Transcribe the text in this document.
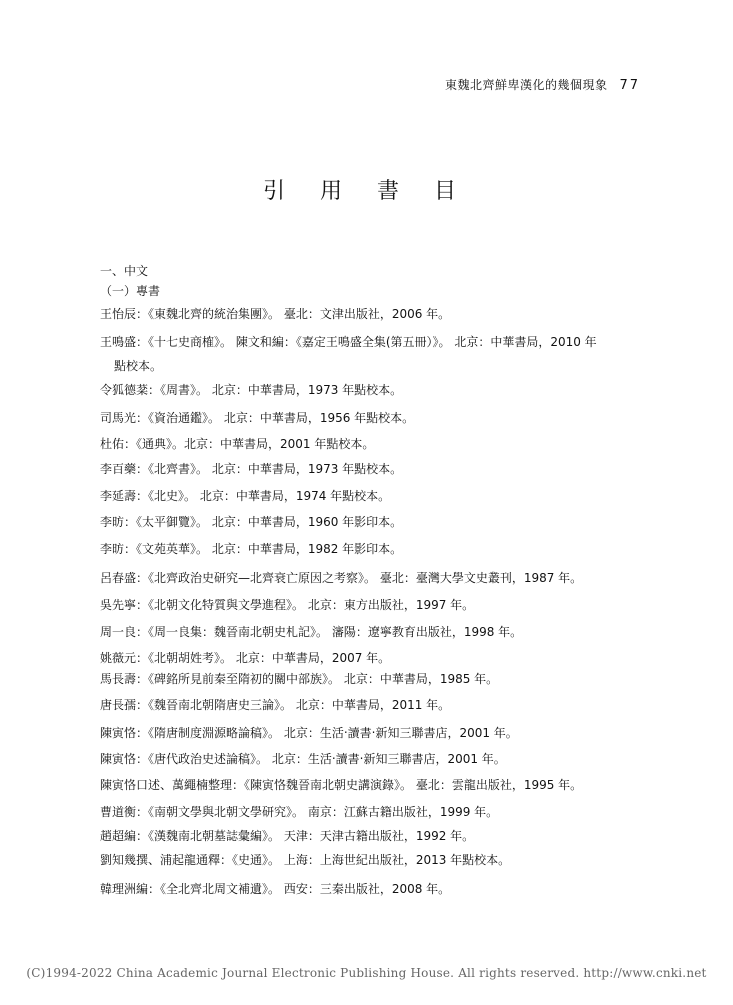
東魏北齊鮮卑漢化的幾個現象 77
引 用 書 目
一、中文
（一）專書
王怡辰：《東魏北齊的統治集團》。 臺北：文津出版社，2006 年。
王鳴盛：《十七史商榷》。 陳文和編：《嘉定王鳴盛全集(第五冊）》。 北京：中華書局，2010 年
點校本。
令狐德棻：《周書》。 北京：中華書局，1973 年點校本。
司馬光：《資治通鑑》。 北京：中華書局，1956 年點校本。
杜佑：《通典》。北京：中華書局，2001 年點校本。
李百藥：《北齊書》。 北京：中華書局，1973 年點校本。
李延壽：《北史》。 北京：中華書局，1974 年點校本。
李昉：《太平御覽》。 北京：中華書局，1960 年影印本。
李昉：《文苑英華》。 北京：中華書局，1982 年影印本。
呂春盛：《北齊政治史研究—北齊衰亡原因之考察》。 臺北：臺灣大學文史叢刊，1987 年。
吳先寧：《北朝文化特質與文學進程》。 北京：東方出版社，1997 年。
周一良：《周一良集：魏晉南北朝史札記》。 瀋陽：遼寧教育出版社，1998 年。
姚薇元：《北朝胡姓考》。 北京：中華書局，2007 年。
馬長壽：《碑銘所見前秦至隋初的關中部族》。 北京：中華書局，1985 年。
唐長孺：《魏晉南北朝隋唐史三論》。 北京：中華書局，2011 年。
陳寅恪：《隋唐制度淵源略論稿》。 北京：生活‧讀書‧新知三聯書店，2001 年。
陳寅恪：《唐代政治史述論稿》。 北京：生活‧讀書‧新知三聯書店，2001 年。
陳寅恪口述、萬繩楠整理：《陳寅恪魏晉南北朝史講演錄》。 臺北：雲龍出版社，1995 年。
曹道衡：《南朝文學與北朝文學研究》。 南京：江蘇古籍出版社，1999 年。
趙超編：《漢魏南北朝墓誌彙編》。 天津：天津古籍出版社，1992 年。
劉知幾撰、浦起龍通釋：《史通》。 上海：上海世紀出版社，2013 年點校本。
韓理洲編：《全北齊北周文補遺》。 西安：三秦出版社，2008 年。
(C)1994-2022 China Academic Journal Electronic Publishing House. All rights reserved. http://www.cnki.net
